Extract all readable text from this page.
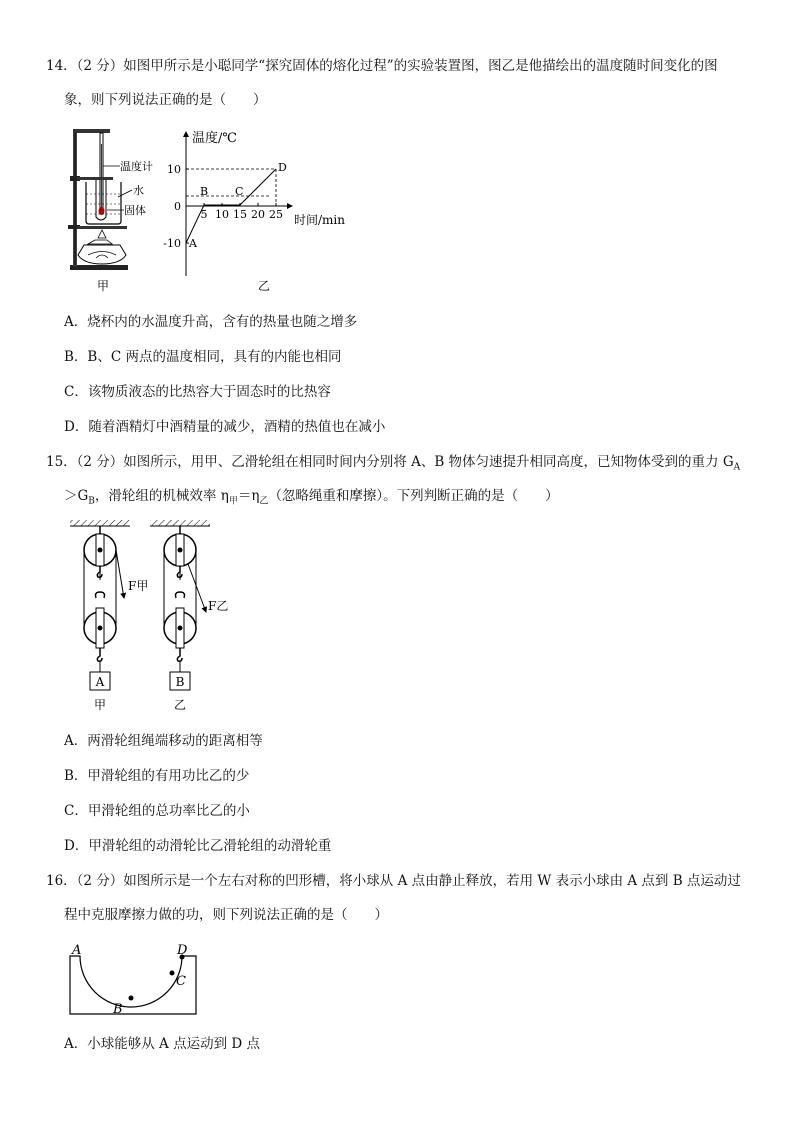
14．（2 分）如图甲所示是小聪同学“探究固体的熔化过程”的实验装置图，图乙是他描绘出的温度随时间变化的图
象，则下列说法正确的是（　　）
温度计
水
固体
甲
温度/℃
时间/min
5 10 15 20 25
10
0
-10 A
B C
D
乙
A．烧杯内的水温度升高，含有的热量也随之增多
B．B、C 两点的温度相同，具有的内能也相同
C．该物质液态的比热容大于固态时的比热容
D．随着酒精灯中酒精量的减少，酒精的热值也在减小
15．（2 分）如图所示，用甲、乙滑轮组在相同时间内分别将 A、B 物体匀速提升相同高度，已知物体受到的重力 $G_A$
$>G_B$，滑轮组的机械效率 $\eta_甲=\eta_乙$（忽略绳重和摩擦）。下列判断正确的是（　　）
F甲
A
甲
F乙
B
乙
A．两滑轮组绳端移动的距离相等
B．甲滑轮组的有用功比乙的少
C．甲滑轮组的总功率比乙的小
D．甲滑轮组的动滑轮比乙滑轮组的动滑轮重
16．（2 分）如图所示是一个左右对称的凹形槽，将小球从 A 点由静止释放，若用 W 表示小球由 A 点到 B 点运动过
程中克服摩擦力做的功，则下列说法正确的是（　　）
A
B
C
D
A．小球能够从 A 点运动到 D 点
